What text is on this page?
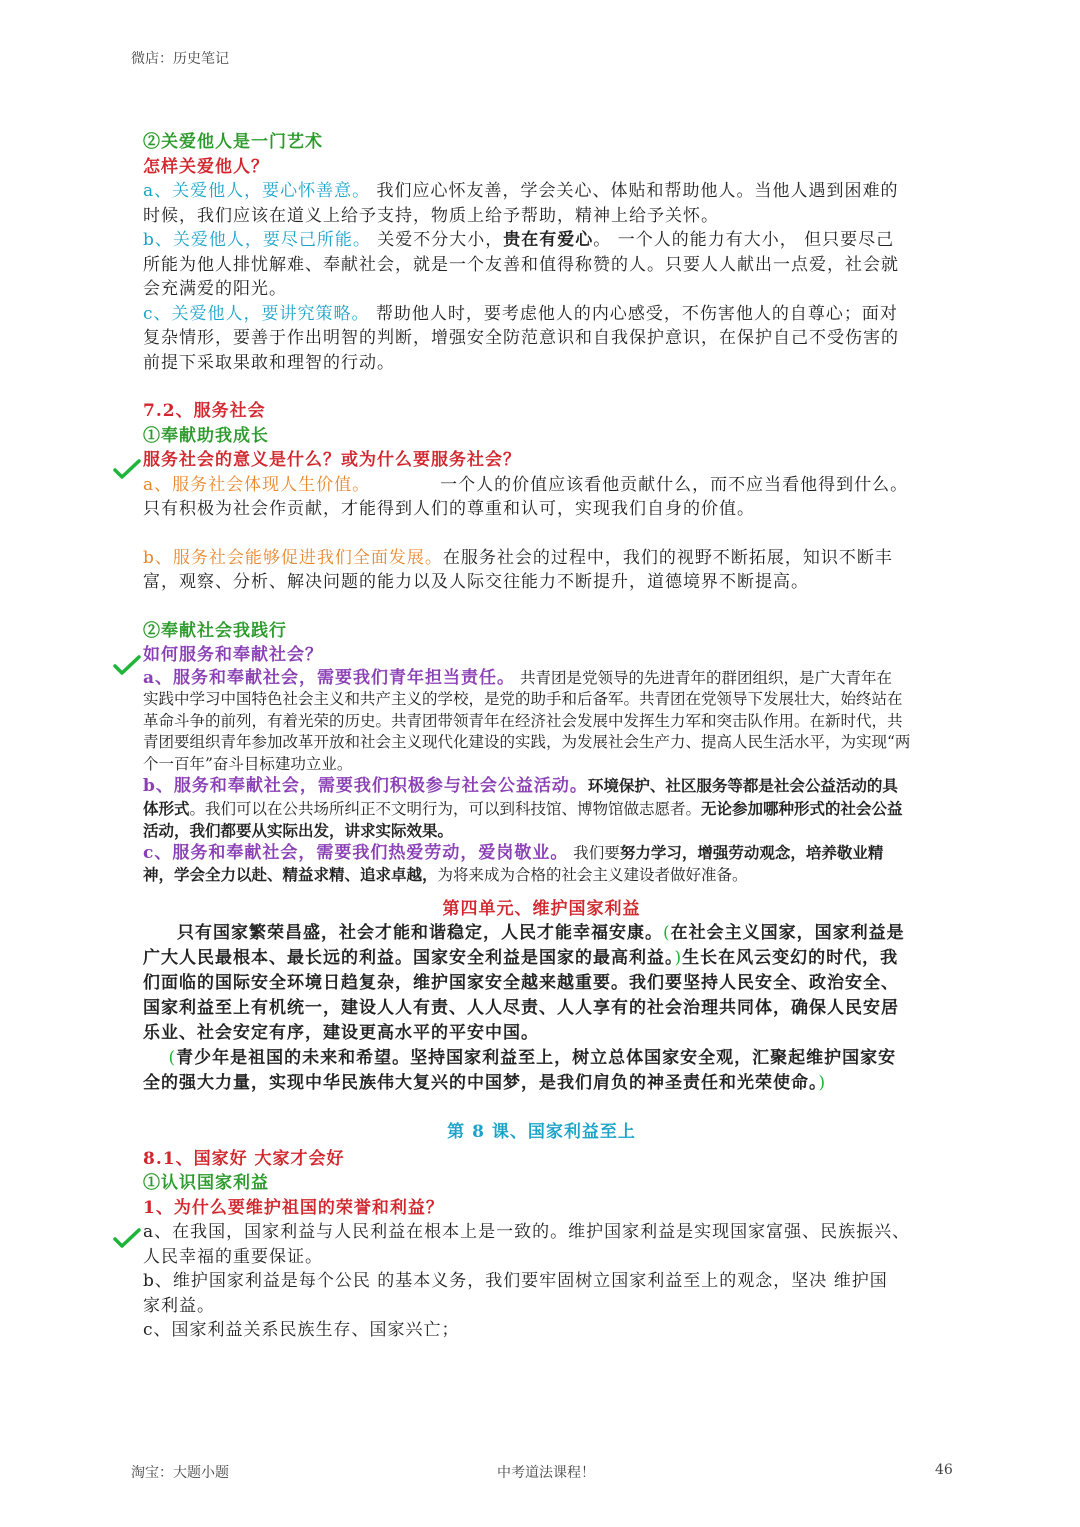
微店：历史笔记

②关爱他人是一门艺术

怎样关爱他人？

a、关爱他人，要心怀善意。 我们应心怀友善，学会关心、体贴和帮助他人。当他人遇到困难的

时候，我们应该在道义上给予支持，物质上给予帮助，精神上给予关怀。

b、关爱他人，要尽己所能。 关爱不分大小，贵在有爱心。 一个人的能力有大小， 但只要尽己

所能为他人排忧解难、奉献社会，就是一个友善和值得称赞的人。只要人人献出一点爱，社会就

会充满爱的阳光。

c、关爱他人，要讲究策略。 帮助他人时，要考虑他人的内心感受，不伤害他人的自尊心；面对

复杂情形，要善于作出明智的判断，增强安全防范意识和自我保护意识，在保护自己不受伤害的

前提下采取果敢和理智的行动。

7.2、服务社会

①奉献助我成长

服务社会的意义是什么？或为什么要服务社会？

a、服务社会体现人生价值。	一个人的价值应该看他贡献什么，而不应当看他得到什么。

只有积极为社会作贡献，才能得到人们的尊重和认可，实现我们自身的价值。

b、服务社会能够促进我们全面发展。在服务社会的过程中，我们的视野不断拓展，知识不断丰

富，观察、分析、解决问题的能力以及人际交往能力不断提升，道德境界不断提高。

②奉献社会我践行

如何服务和奉献社会？

a、服务和奉献社会，需要我们青年担当责任。 共青团是党领导的先进青年的群团组织，是广大青年在

实践中学习中国特色社会主义和共产主义的学校，是党的助手和后备军。共青团在党领导下发展壮大，始终站在

革命斗争的前列，有着光荣的历史。共青团带领青年在经济社会发展中发挥生力军和突击队作用。在新时代，共

青团要组织青年参加改革开放和社会主义现代化建设的实践，为发展社会生产力、提高人民生活水平，为实现“两

个一百年”奋斗目标建功立业。

b、服务和奉献社会，需要我们积极参与社会公益活动。环境保护、社区服务等都是社会公益活动的具

体形式。我们可以在公共场所纠正不文明行为，可以到科技馆、博物馆做志愿者。无论参加哪种形式的社会公益

活动，我们都要从实际出发，讲求实际效果。

c、服务和奉献社会，需要我们热爱劳动，爱岗敬业。 我们要努力学习，增强劳动观念，培养敬业精

神，学会全力以赴、精益求精、追求卓越，为将来成为合格的社会主义建设者做好准备。

第四单元、维护国家利益

只有国家繁荣昌盛，社会才能和谐稳定，人民才能幸福安康。(在社会主义国家，国家利益是

广大人民最根本、最长远的利益。国家安全利益是国家的最高利益。)生长在风云变幻的时代，我

们面临的国际安全环境日趋复杂，维护国家安全越来越重要。我们要坚持人民安全、政治安全、

国家利益至上有机统一，建设人人有责、人人尽责、人人享有的社会治理共同体，确保人民安居

乐业、社会安定有序，建设更高水平的平安中国。

(青少年是祖国的未来和希望。坚持国家利益至上，树立总体国家安全观，汇聚起维护国家安

全的强大力量，实现中华民族伟大复兴的中国梦，是我们肩负的神圣责任和光荣使命。)

第 8 课、国家利益至上

8.1、国家好 大家才会好

①认识国家利益

1、为什么要维护祖国的荣誉和利益？

a、在我国，国家利益与人民利益在根本上是一致的。维护国家利益是实现国家富强、民族振兴、

人民幸福的重要保证。

b、维护国家利益是每个公民 的基本义务，我们要牢固树立国家利益至上的观念，坚决 维护国

家利益。

c、国家利益关系民族生存、国家兴亡；

淘宝：大题小题	中考道法课程！	46
